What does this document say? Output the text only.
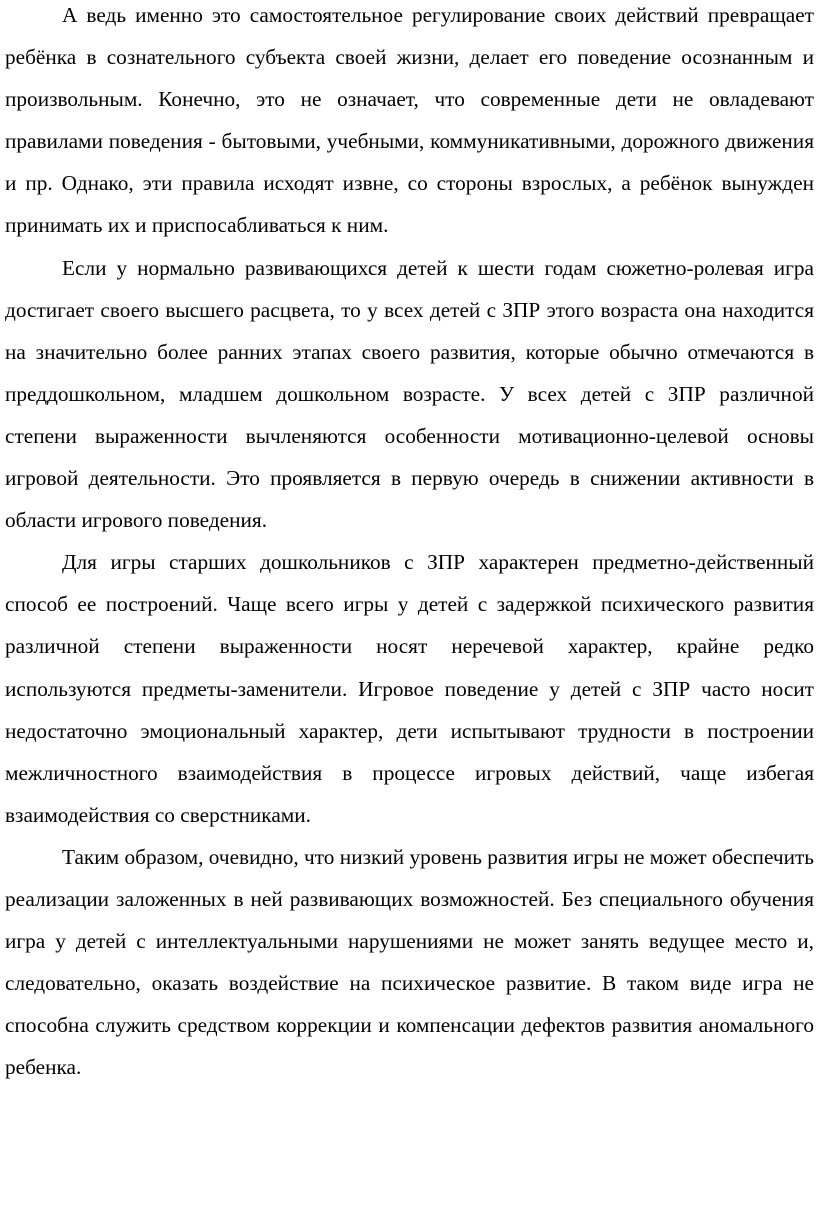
А ведь именно это самостоятельное регулирование своих действий превращает ребёнка в сознательного субъекта своей жизни, делает его поведение осознанным и произвольным. Конечно, это не означает, что современные дети не овладевают правилами поведения - бытовыми, учебными, коммуникативными, дорожного движения и пр. Однако, эти правила исходят извне, со стороны взрослых, а ребёнок вынужден принимать их и приспосабливаться к ним.

Если у нормально развивающихся детей к шести годам сюжетно-ролевая игра достигает своего высшего расцвета, то у всех детей с ЗПР этого возраста она находится на значительно более ранних этапах своего развития, которые обычно отмечаются в преддошкольном, младшем дошкольном возрасте. У всех детей с ЗПР различной степени выраженности вычленяются особенности мотивационно-целевой основы игровой деятельности. Это проявляется в первую очередь в снижении активности в области игрового поведения.

Для игры старших дошкольников с ЗПР характерен предметно-действенный способ ее построений. Чаще всего игры у детей с задержкой психического развития различной степени выраженности носят неречевой характер, крайне редко используются предметы-заменители. Игровое поведение у детей с ЗПР часто носит недостаточно эмоциональный характер, дети испытывают трудности в построении межличностного взаимодействия в процессе игровых действий, чаще избегая взаимодействия со сверстниками.

Таким образом, очевидно, что низкий уровень развития игры не может обеспечить реализации заложенных в ней развивающих возможностей. Без специального обучения игра у детей с интеллектуальными нарушениями не может занять ведущее место и, следовательно, оказать воздействие на психическое развитие. В таком виде игра не способна служить средством коррекции и компенсации дефектов развития аномального ребенка.
